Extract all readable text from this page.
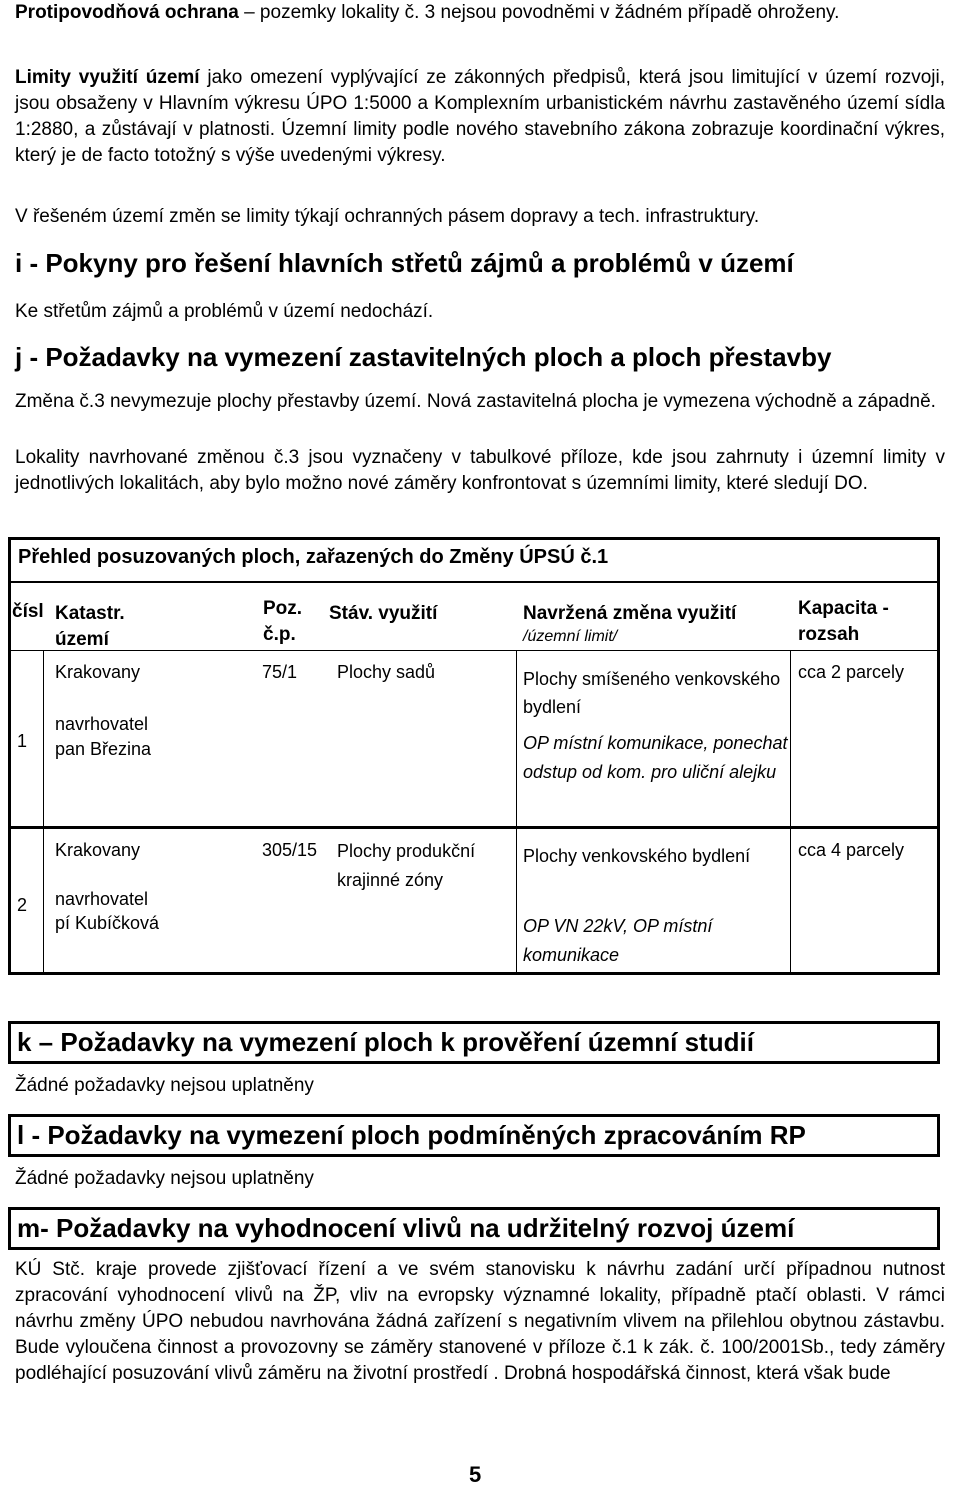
Protipovodňová ochrana – pozemky lokality č. 3 nejsou povodněmi v žádném případě ohroženy.

Limity využití území jako omezení vyplývající ze zákonných předpisů, která jsou limitující v území rozvoji, jsou obsaženy v Hlavním výkresu ÚPO 1:5000 a Komplexním urbanistickém návrhu zastavěného území sídla 1:2880, a zůstávají v platnosti. Územní limity podle nového stavebního zákona zobrazuje koordinační výkres, který je de facto totožný s výše uvedenými výkresy.

V řešeném území změn se limity týkají ochranných pásem dopravy a tech. infrastruktury.

i - Pokyny pro řešení hlavních střetů zájmů a problémů v území

Ke střetům zájmů a problémů v území nedochází.

j - Požadavky na vymezení zastavitelných ploch a ploch přestavby

Změna č.3 nevymezuje plochy přestavby území. Nová zastavitelná plocha je vymezena východně a západně.

Lokality navrhované změnou č.3 jsou vyznačeny v tabulkové příloze, kde jsou zahrnuty i územní limity v jednotlivých lokalitách, aby bylo možno nové záměry konfrontovat s územními limity, které sledují DO.

Přehled posuzovaných ploch, zařazených do Změny ÚPSÚ č.1
čísl Katastr. území
Poz. č.p.
Stáv. využití	Navržená změna využití
/územní limit/
Kapacita - rozsah
1
Krakovany
navrhovatel
pan Březina
75/1 Plochy sadů	Plochy smíšeného venkovského bydlení
OP místní komunikace, ponechat odstup od kom. pro uliční alejku
cca 2 parcely
2
Krakovany
navrhovatel
pí Kubíčková
305/15 Plochy produkční krajinné zóny
Plochy venkovského bydlení
OP VN 22kV, OP místní komunikace
cca 4 parcely
k – Požadavky na vymezení ploch k prověření územní studií

Žádné požadavky nejsou uplatněny

l - Požadavky na vymezení ploch podmíněných zpracováním RP

Žádné požadavky nejsou uplatněny

m- Požadavky na vyhodnocení vlivů na udržitelný rozvoj území

KÚ Stč. kraje provede zjišťovací řízení a ve svém stanovisku k návrhu zadání určí případnou nutnost zpracování vyhodnocení vlivů na ŽP, vliv na evropsky významné lokality, případně ptačí oblasti. V rámci návrhu změny ÚPO nebudou navrhována žádná zařízení s negativním vlivem na přilehlou obytnou zástavbu. Bude vyloučena činnost a provozovny se záměry stanovené v příloze č.1 k zák. č. 100/2001Sb., tedy záměry podléhající posuzování vlivů záměru na životní prostředí . Drobná hospodářská činnost, která však bude

5
